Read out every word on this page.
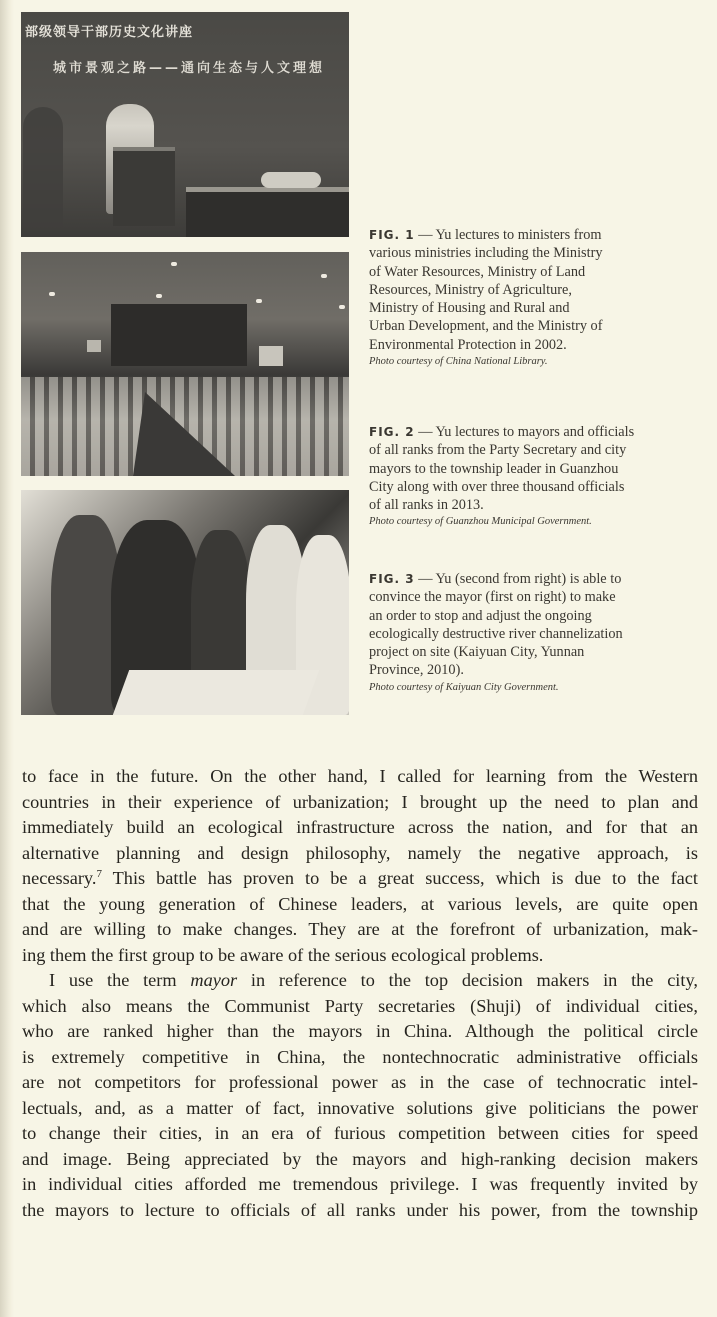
部级领导干部历史文化讲座
城市景观之路——通向生态与人文理想
FIG. 1 — Yu lectures to ministers from
various ministries including the Ministry
of Water Resources, Ministry of Land
Resources, Ministry of Agriculture,
Ministry of Housing and Rural and
Urban Development, and the Ministry of
Environmental Protection in 2002.
Photo courtesy of China National Library.
FIG. 2 — Yu lectures to mayors and officials
of all ranks from the Party Secretary and city
mayors to the township leader in Guanzhou
City along with over three thousand officials
of all ranks in 2013.
Photo courtesy of Guanzhou Municipal Government.
FIG. 3 — Yu (second from right) is able to
convince the mayor (first on right) to make
an order to stop and adjust the ongoing
ecologically destructive river channelization
project on site (Kaiyuan City, Yunnan
Province, 2010).
Photo courtesy of Kaiyuan City Government.
to face in the future. On the other hand, I called for learning from the Western
countries in their experience of urbanization; I brought up the need to plan and
immediately build an ecological infrastructure across the nation, and for that an
alternative planning and design philosophy, namely the negative approach, is
necessary.$^7$ This battle has proven to be a great success, which is due to the fact
that the young generation of Chinese leaders, at various levels, are quite open
and are willing to make changes. They are at the forefront of urbanization, mak-
ing them the first group to be aware of the serious ecological problems.
I use the term mayor in reference to the top decision makers in the city,
which also means the Communist Party secretaries (Shuji) of individual cities,
who are ranked higher than the mayors in China. Although the political circle
is extremely competitive in China, the nontechnocratic administrative officials
are not competitors for professional power as in the case of technocratic intel-
lectuals, and, as a matter of fact, innovative solutions give politicians the power
to change their cities, in an era of furious competition between cities for speed
and image. Being appreciated by the mayors and high-ranking decision makers
in individual cities afforded me tremendous privilege. I was frequently invited by
the mayors to lecture to officials of all ranks under his power, from the township
